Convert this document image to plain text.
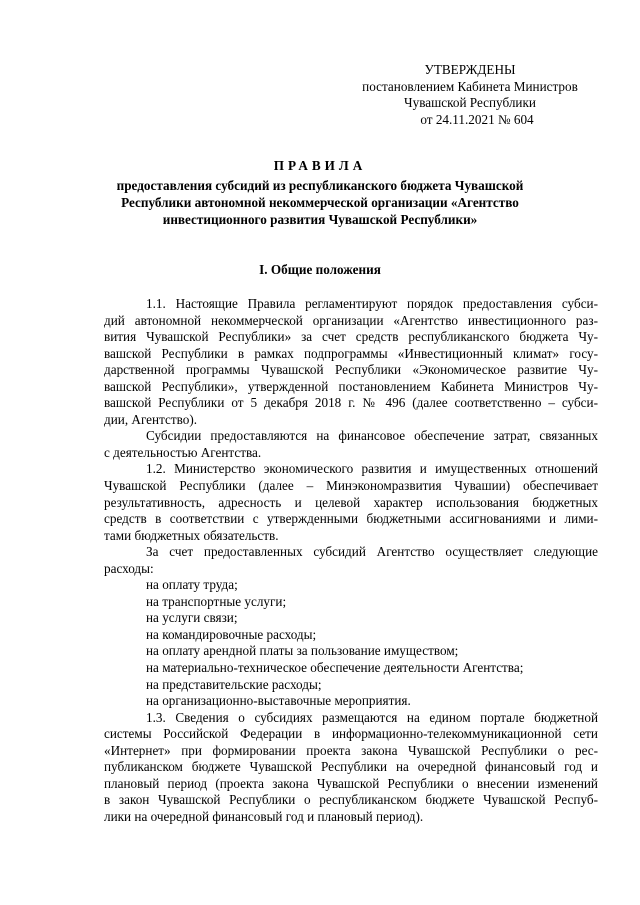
УТВЕРЖДЕНЫ
постановлением Кабинета Министров
Чувашской Республики
от 24.11.2021 № 604
ПРАВИЛА
предоставления субсидий из республиканского бюджета Чувашской
Республики автономной некоммерческой организации «Агентство
инвестиционного развития Чувашской Республики»
I. Общие положения
1.1. Настоящие Правила регламентируют порядок предоставления субси-
дий автономной некоммерческой организации «Агентство инвестиционного раз-
вития Чувашской Республики» за счет средств республиканского бюджета Чу-
вашской Республики в рамках подпрограммы «Инвестиционный климат» госу-
дарственной программы Чувашской Республики «Экономическое развитие Чу-
вашской Республики», утвержденной постановлением Кабинета Министров Чу-
вашской Республики от 5 декабря 2018 г. № 496 (далее соответственно – субси-
дии, Агентство).
Субсидии предоставляются на финансовое обеспечение затрат, связанных
с деятельностью Агентства.
1.2. Министерство экономического развития и имущественных отношений
Чувашской Республики (далее – Минэкономразвития Чувашии) обеспечивает
результативность, адресность и целевой характер использования бюджетных
средств в соответствии с утвержденными бюджетными ассигнованиями и лими-
тами бюджетных обязательств.
За счет предоставленных субсидий Агентство осуществляет следующие
расходы:
на оплату труда;
на транспортные услуги;
на услуги связи;
на командировочные расходы;
на оплату арендной платы за пользование имуществом;
на материально-техническое обеспечение деятельности Агентства;
на представительские расходы;
на организационно-выставочные мероприятия.
1.3. Сведения о субсидиях размещаются на едином портале бюджетной
системы Российской Федерации в информационно-телекоммуникационной сети
«Интернет» при формировании проекта закона Чувашской Республики о рес-
публиканском бюджете Чувашской Республики на очередной финансовый год и
плановый период (проекта закона Чувашской Республики о внесении изменений
в закон Чувашской Республики о республиканском бюджете Чувашской Респуб-
лики на очередной финансовый год и плановый период).
